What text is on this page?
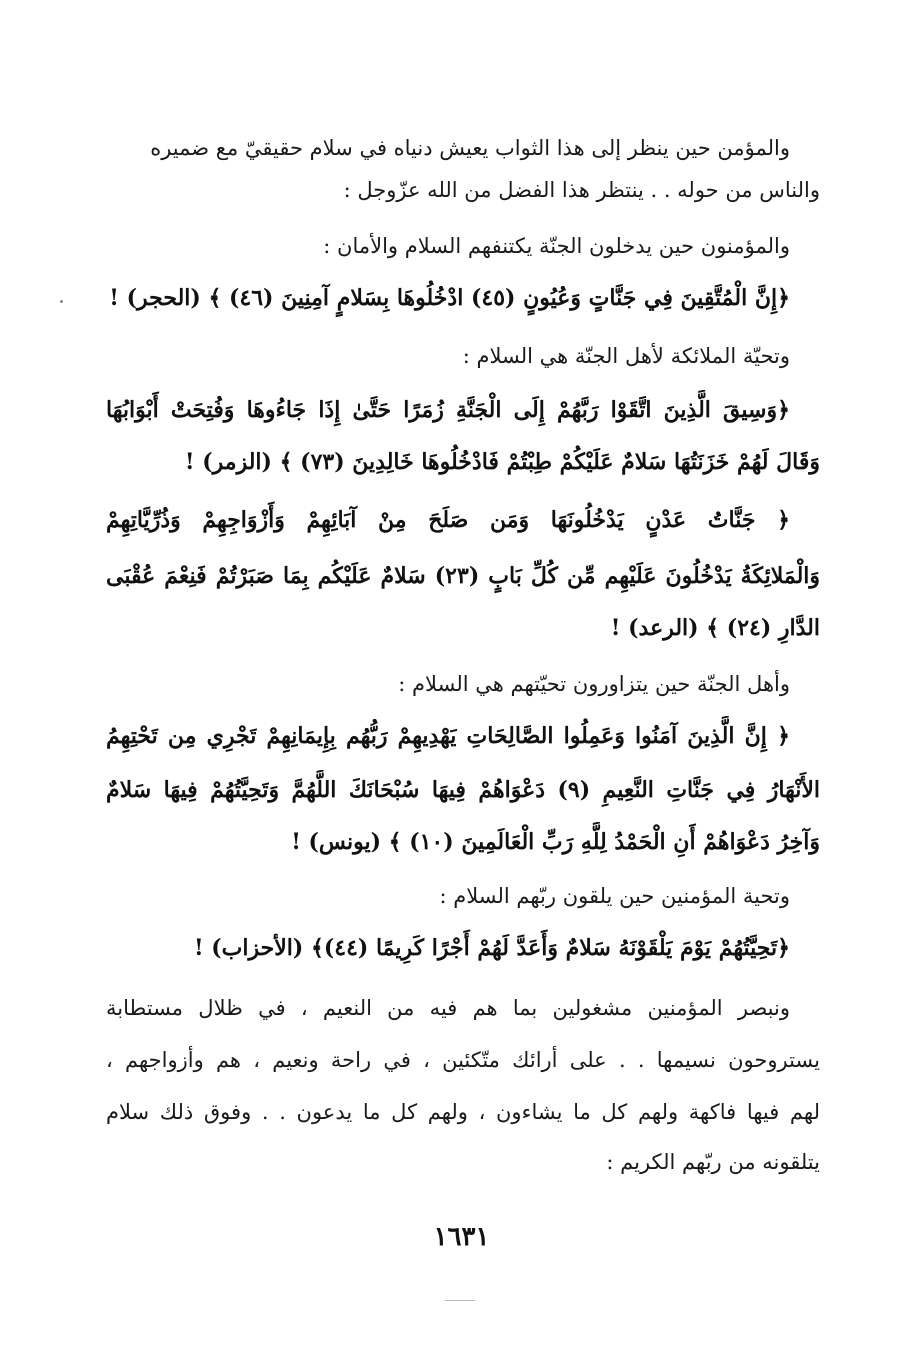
والمؤمن حين ينظر إلى هذا الثواب يعيش دنياه في سلام حقيقيّ مع ضميره
والناس من حوله . . ينتظر هذا الفضل من الله عزّوجل :
والمؤمنون حين يدخلون الجنّة يكتنفهم السلام والأمان :
﴿إِنَّ الْمُتَّقِينَ فِي جَنَّاتٍ وَعُيُونٍ (٤٥) ادْخُلُوهَا بِسَلامٍ آمِنِينَ (٤٦) ﴾ (الحجر) !
وتحيّة الملائكة لأهل الجنّة هي السلام :
﴿وَسِيقَ الَّذِينَ اتَّقَوْا رَبَّهُمْ إِلَى الْجَنَّةِ زُمَرًا حَتَّىٰ إِذَا جَاءُوهَا وَفُتِحَتْ أَبْوَابُهَا
وَقَالَ لَهُمْ خَزَنَتُهَا سَلامٌ عَلَيْكُمْ طِبْتُمْ فَادْخُلُوهَا خَالِدِينَ (٧٣) ﴾ (الزمر) !
﴿ جَنَّاتُ عَدْنٍ يَدْخُلُونَهَا وَمَن صَلَحَ مِنْ آبَائِهِمْ وَأَزْوَاجِهِمْ وَذُرِّيَّاتِهِمْ
وَالْمَلائِكَةُ يَدْخُلُونَ عَلَيْهِم مِّن كُلِّ بَابٍ (٢٣) سَلامٌ عَلَيْكُم بِمَا صَبَرْتُمْ فَنِعْمَ عُقْبَى
الدَّارِ (٢٤) ﴾ (الرعد) !
وأهل الجنّة حين يتزاورون تحيّتهم هي السلام :
﴿ إِنَّ الَّذِينَ آمَنُوا وَعَمِلُوا الصَّالِحَاتِ يَهْدِيهِمْ رَبُّهُم بِإِيمَانِهِمْ تَجْرِي مِن تَحْتِهِمُ
الأَنْهَارُ فِي جَنَّاتِ النَّعِيمِ (٩) دَعْوَاهُمْ فِيهَا سُبْحَانَكَ اللَّهُمَّ وَتَحِيَّتُهُمْ فِيهَا سَلامٌ
وَآخِرُ دَعْوَاهُمْ أَنِ الْحَمْدُ لِلَّهِ رَبِّ الْعَالَمِينَ (١٠) ﴾ (يونس) !
وتحية المؤمنين حين يلقون ربّهم السلام :
﴿تَحِيَّتُهُمْ يَوْمَ يَلْقَوْنَهُ سَلامٌ وَأَعَدَّ لَهُمْ أَجْرًا كَرِيمًا (٤٤)﴾ (الأحزاب) !
ونبصر المؤمنين مشغولين بما هم فيه من النعيم ، في ظلال مستطابة
يستروحون نسيمها . . على أرائك متّكئين ، في راحة ونعيم ، هم وأزواجهم ،
لهم فيها فاكهة ولهم كل ما يشاءون ، ولهم كل ما يدعون . . وفوق ذلك سلام
يتلقونه من ربّهم الكريم :
١٦٣١
